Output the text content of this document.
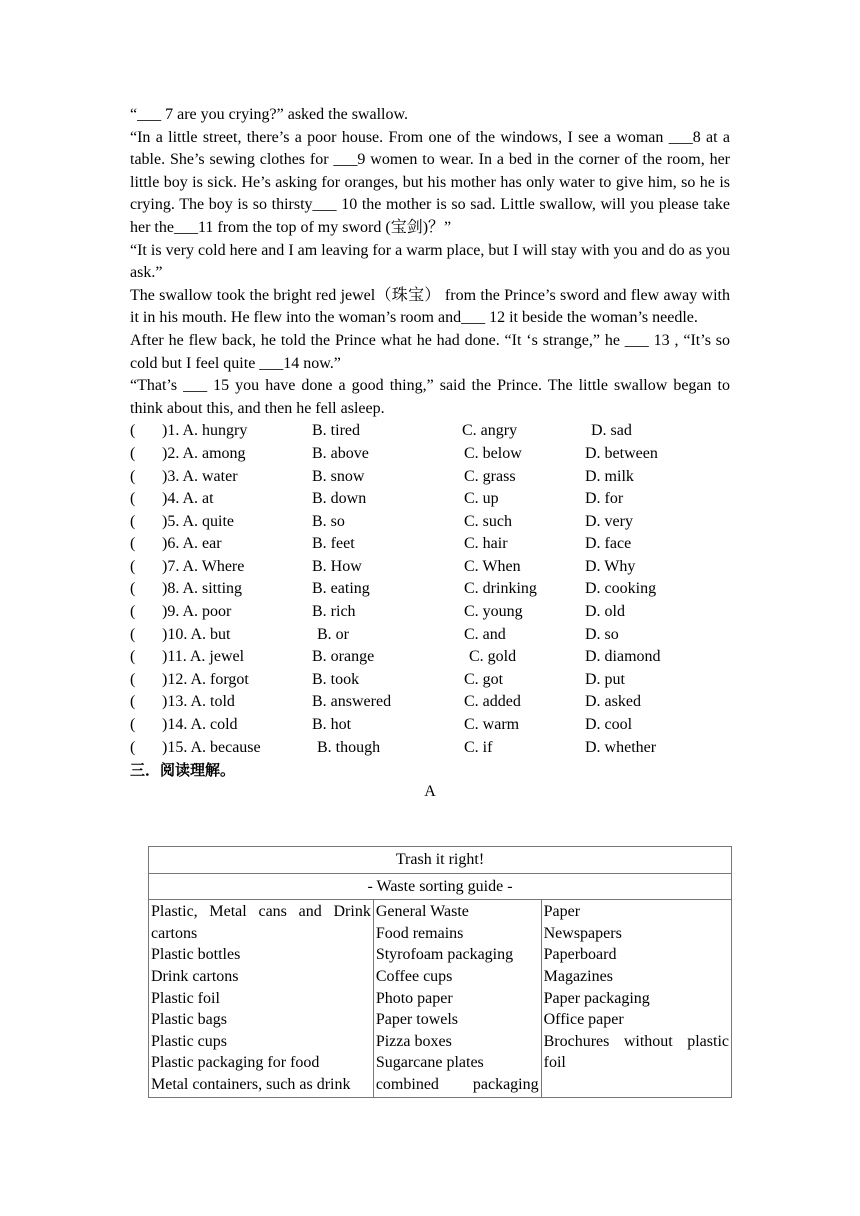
“___ 7 are you crying?” asked the swallow.

“In a little street, there’s a poor house. From one of the windows, I see a woman ___8 at a table. She’s sewing clothes for ___9 women to wear. In a bed in the corner of the room, her little boy is sick. He’s asking for oranges, but his mother has only water to give him, so he is crying. The boy is so thirsty___ 10 the mother is so sad. Little swallow, will you please take her the___11 from the top of my sword (宝剑)？”

“It is very cold here and I am leaving for a warm place, but I will stay with you and do as you ask.”

The swallow took the bright red jewel（珠宝） from the Prince’s sword and flew away with it in his mouth. He flew into the woman’s room and___ 12 it beside the woman’s needle.

After he flew back, he told the Prince what he had done. “It ‘s strange,” he ___ 13 , “It’s so cold but I feel quite ___14 now.”

“That’s ___ 15 you have done a good thing,” said the Prince. The little swallow began to think about this, and then he fell asleep.

( )1. A. hungry	B. tired	C. angry	D. sad
( )2. A. among	B. above	C. below	D. between
( )3. A. water	B. snow	C. grass	D. milk
( )4. A. at	B. down	C. up	D. for
( )5. A. quite	B. so	C. such	D. very
( )6. A. ear	B. feet	C. hair	D. face
( )7. A. Where	B. How	C. When	D. Why
( )8. A. sitting	B. eating	C. drinking	D. cooking
( )9. A. poor	B. rich	C. young	D. old
( )10. A. but	B. or	C. and	D. so
( )11. A. jewel	B. orange	C. gold	D. diamond
( )12. A. forgot	B. took	C. got	D. put
( )13. A. told	B. answered	C. added	D. asked
( )14. A. cold	B. hot	C. warm	D. cool
( )15. A. because	B. though	C. if	D. whether

三．阅读理解。

A
Trash it right!
- Waste sorting guide -

Plastic, Metal cans and Drink cartons
Plastic bottles
Drink cartons
Plastic foil
Plastic bags
Plastic cups
Plastic packaging for food
Metal containers, such as drink

General Waste
Food remains
Styrofoam packaging
Coffee cups
Photo paper
Paper towels
Pizza boxes
Sugarcane plates
combined packaging

Paper
Newspapers
Paperboard
Magazines
Paper packaging
Office paper
Brochures without plastic foil
